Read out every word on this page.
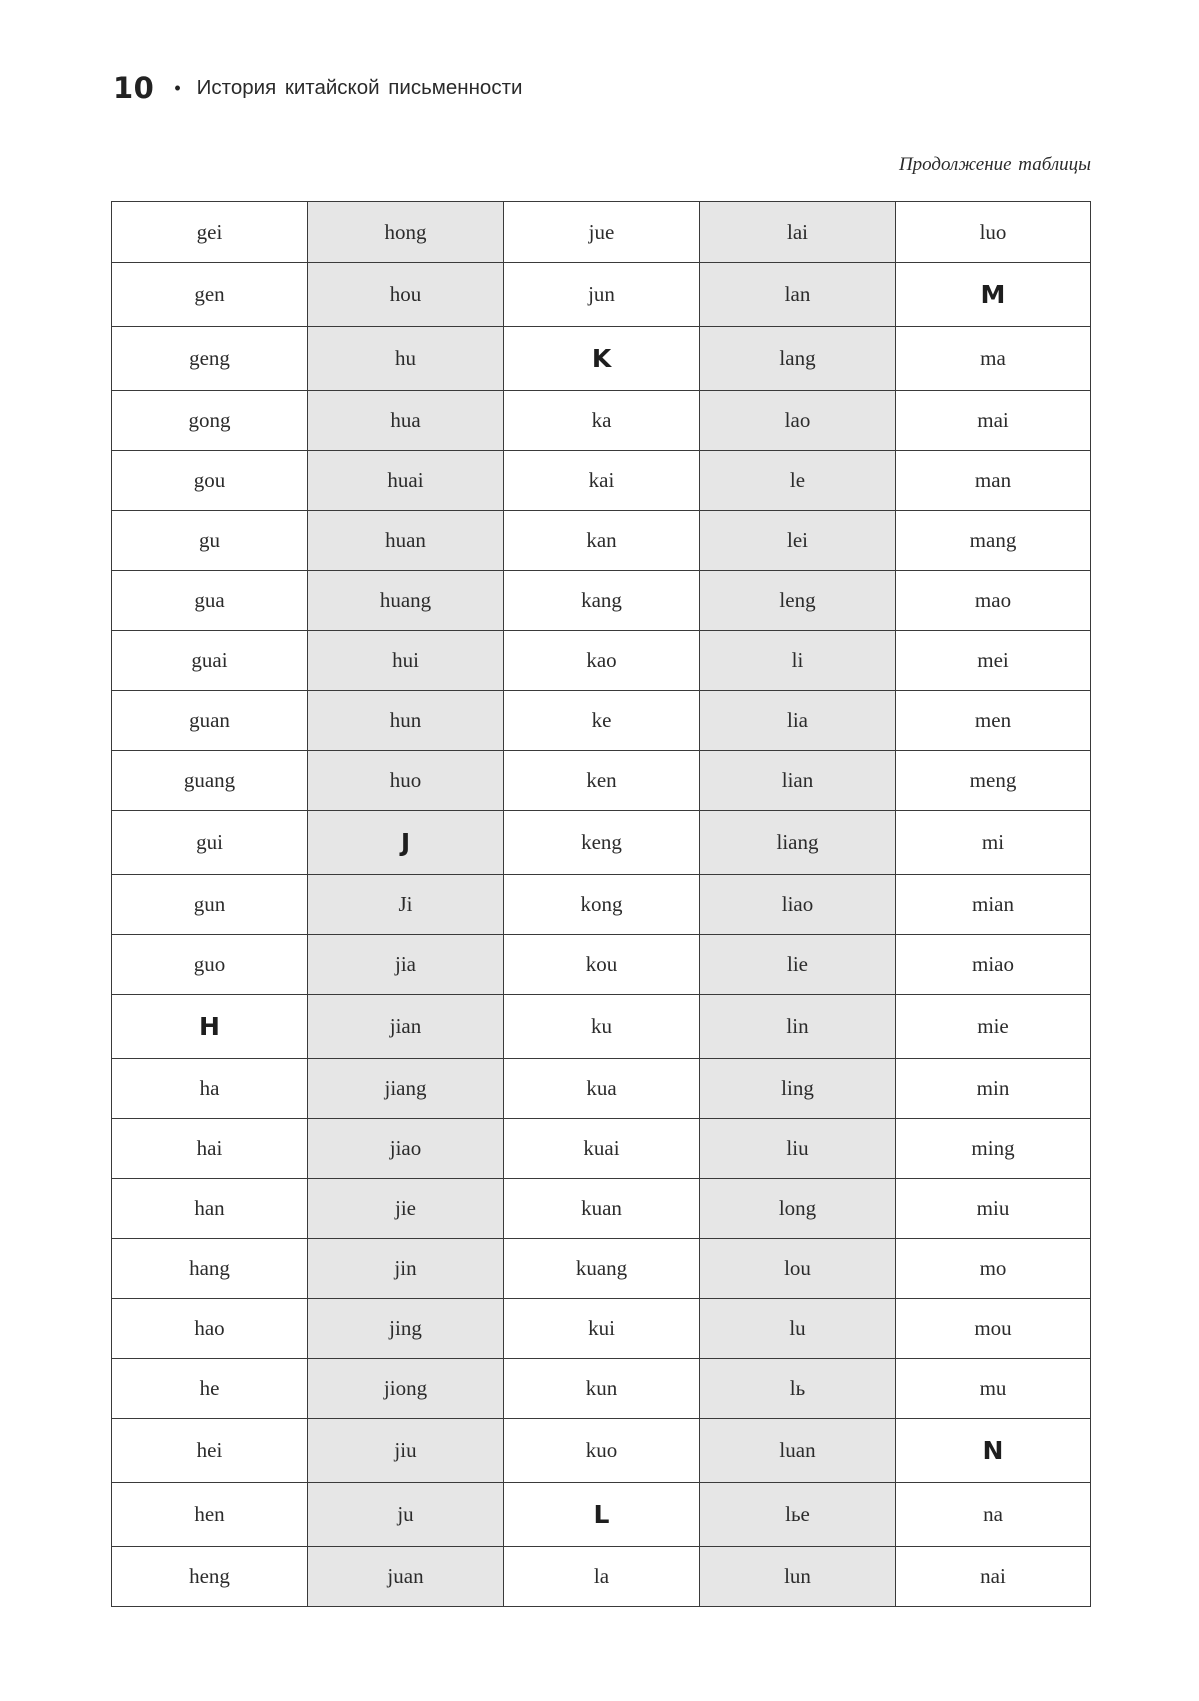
10 • История китайской письменности
Продолжение таблицы
gei	hong	jue	lai	luo
gen	hou	jun	lan	M
geng	hu	K	lang	ma
gong	hua	ka	lao	mai
gou	huai	kai	le	man
gu	huan	kan	lei	mang
gua	huang	kang	leng	mao
guai	hui	kao	li	mei
guan	hun	ke	lia	men
guang	huo	ken	lian	meng
gui	J	keng	liang	mi
gun	Ji	kong	liao	mian
guo	jia	kou	lie	miao
H	jian	ku	lin	mie
ha	jiang	kua	ling	min
hai	jiao	kuai	liu	ming
han	jie	kuan	long	miu
hang	jin	kuang	lou	mo
hao	jing	kui	lu	mou
he	jiong	kun	lь	mu
hei	jiu	kuo	luan	N
hen	ju	L	lье	na
heng	juan	la	lun	nai
